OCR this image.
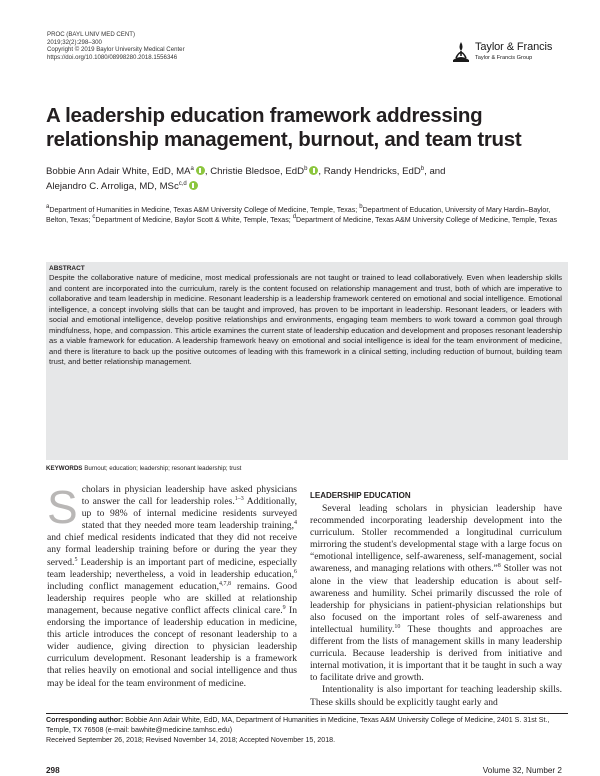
PROC (BAYL UNIV MED CENT)
2019;32(2):298–300
Copyright © 2019 Baylor University Medical Center
https://doi.org/10.1080/08998280.2018.1556346
Taylor & Francis
Taylor & Francis Group
A leadership education framework addressing relationship management, burnout, and team trust
Bobbie Ann Adair White, EdD, $MA^a$ , Christie Bledsoe, EdD$^b$ , Randy Hendricks, EdD$^b$, and
Alejandro C. Arroliga, MD, MSc$^{c,d}$
$^a$Department of Humanities in Medicine, Texas A&M University College of Medicine, Temple, Texas; $^b$Department of Education, University of Mary Hardin–Baylor, Belton, Texas; $^c$Department of Medicine, Baylor Scott & White, Temple, Texas; $^d$Department of Medicine, Texas A&M University College of Medicine, Temple, Texas
ABSTRACT
Despite the collaborative nature of medicine, most medical professionals are not taught or trained to lead collaboratively. Even when leadership skills and content are incorporated into the curriculum, rarely is the content focused on relationship management and trust, both of which are imperative to collaborative and team leadership in medicine. Resonant leadership is a leadership framework centered on emotional and social intelligence. Emotional intelligence, a concept involving skills that can be taught and improved, has proven to be important in leadership. Resonant leaders, or leaders with social and emotional intelligence, develop positive relationships and environments, engaging team members to work toward a common goal through mindfulness, hope, and compassion. This article examines the current state of leadership education and development and proposes resonant leadership as a viable framework for education. A leadership framework heavy on emotional and social intelligence is ideal for the team environment of medicine, and there is literature to back up the positive outcomes of leading with this framework in a clinical setting, including reduction of burnout, building team trust, and better relationship management.
KEYWORDS Burnout; education; leadership; resonant leadership; trust
Scholars in physician leadership have asked physicians to answer the call for leadership roles.$^{1-3}$ Additionally, up to 98% of internal medicine residents surveyed stated that they needed more team leadership training,$^4$ and chief medical residents indicated that they did not receive any formal leadership training before or during the year they served.$^5$ Leadership is an important part of medicine, especially team leadership; nevertheless, a void in leadership education,$^6$ including conflict management education,$^{4,7,8}$ remains. Good leadership requires people who are skilled at relationship management, because negative conflict affects clinical care.$^9$ In endorsing the importance of leadership education in medicine, this article introduces the concept of resonant leadership to a wider audience, giving direction to physician leadership curriculum development. Resonant leadership is a framework that relies heavily on emotional and social intelligence and thus may be ideal for the team environment of medicine.
LEADERSHIP EDUCATION

Several leading scholars in physician leadership have recommended incorporating leadership development into the curriculum. Stoller recommended a longitudinal curriculum mirroring the student's developmental stage with a large focus on “emotional intelligence, self-awareness, self-management, social awareness, and managing relations with others.”$^8$ Stoller was not alone in the view that leadership education is about self-awareness and humility. Schei primarily discussed the role of leadership for physicians in patient-physician relationships but also focused on the important roles of self-awareness and intellectual humility.$^{10}$ These thoughts and approaches are different from the lists of management skills in many leadership curricula. Because leadership is derived from initiative and internal motivation, it is important that it be taught in such a way to facilitate drive and growth.

Intentionality is also important for teaching leadership skills. These skills should be explicitly taught early and

Corresponding author: Bobbie Ann Adair White, EdD, MA, Department of Humanities in Medicine, Texas A&M University College of Medicine, 2401 S. 31st St., Temple, TX 76508 (e-mail: bawhite@medicine.tamhsc.edu)
Received September 26, 2018; Revised November 14, 2018; Accepted November 15, 2018.
298	Volume 32, Number 2
